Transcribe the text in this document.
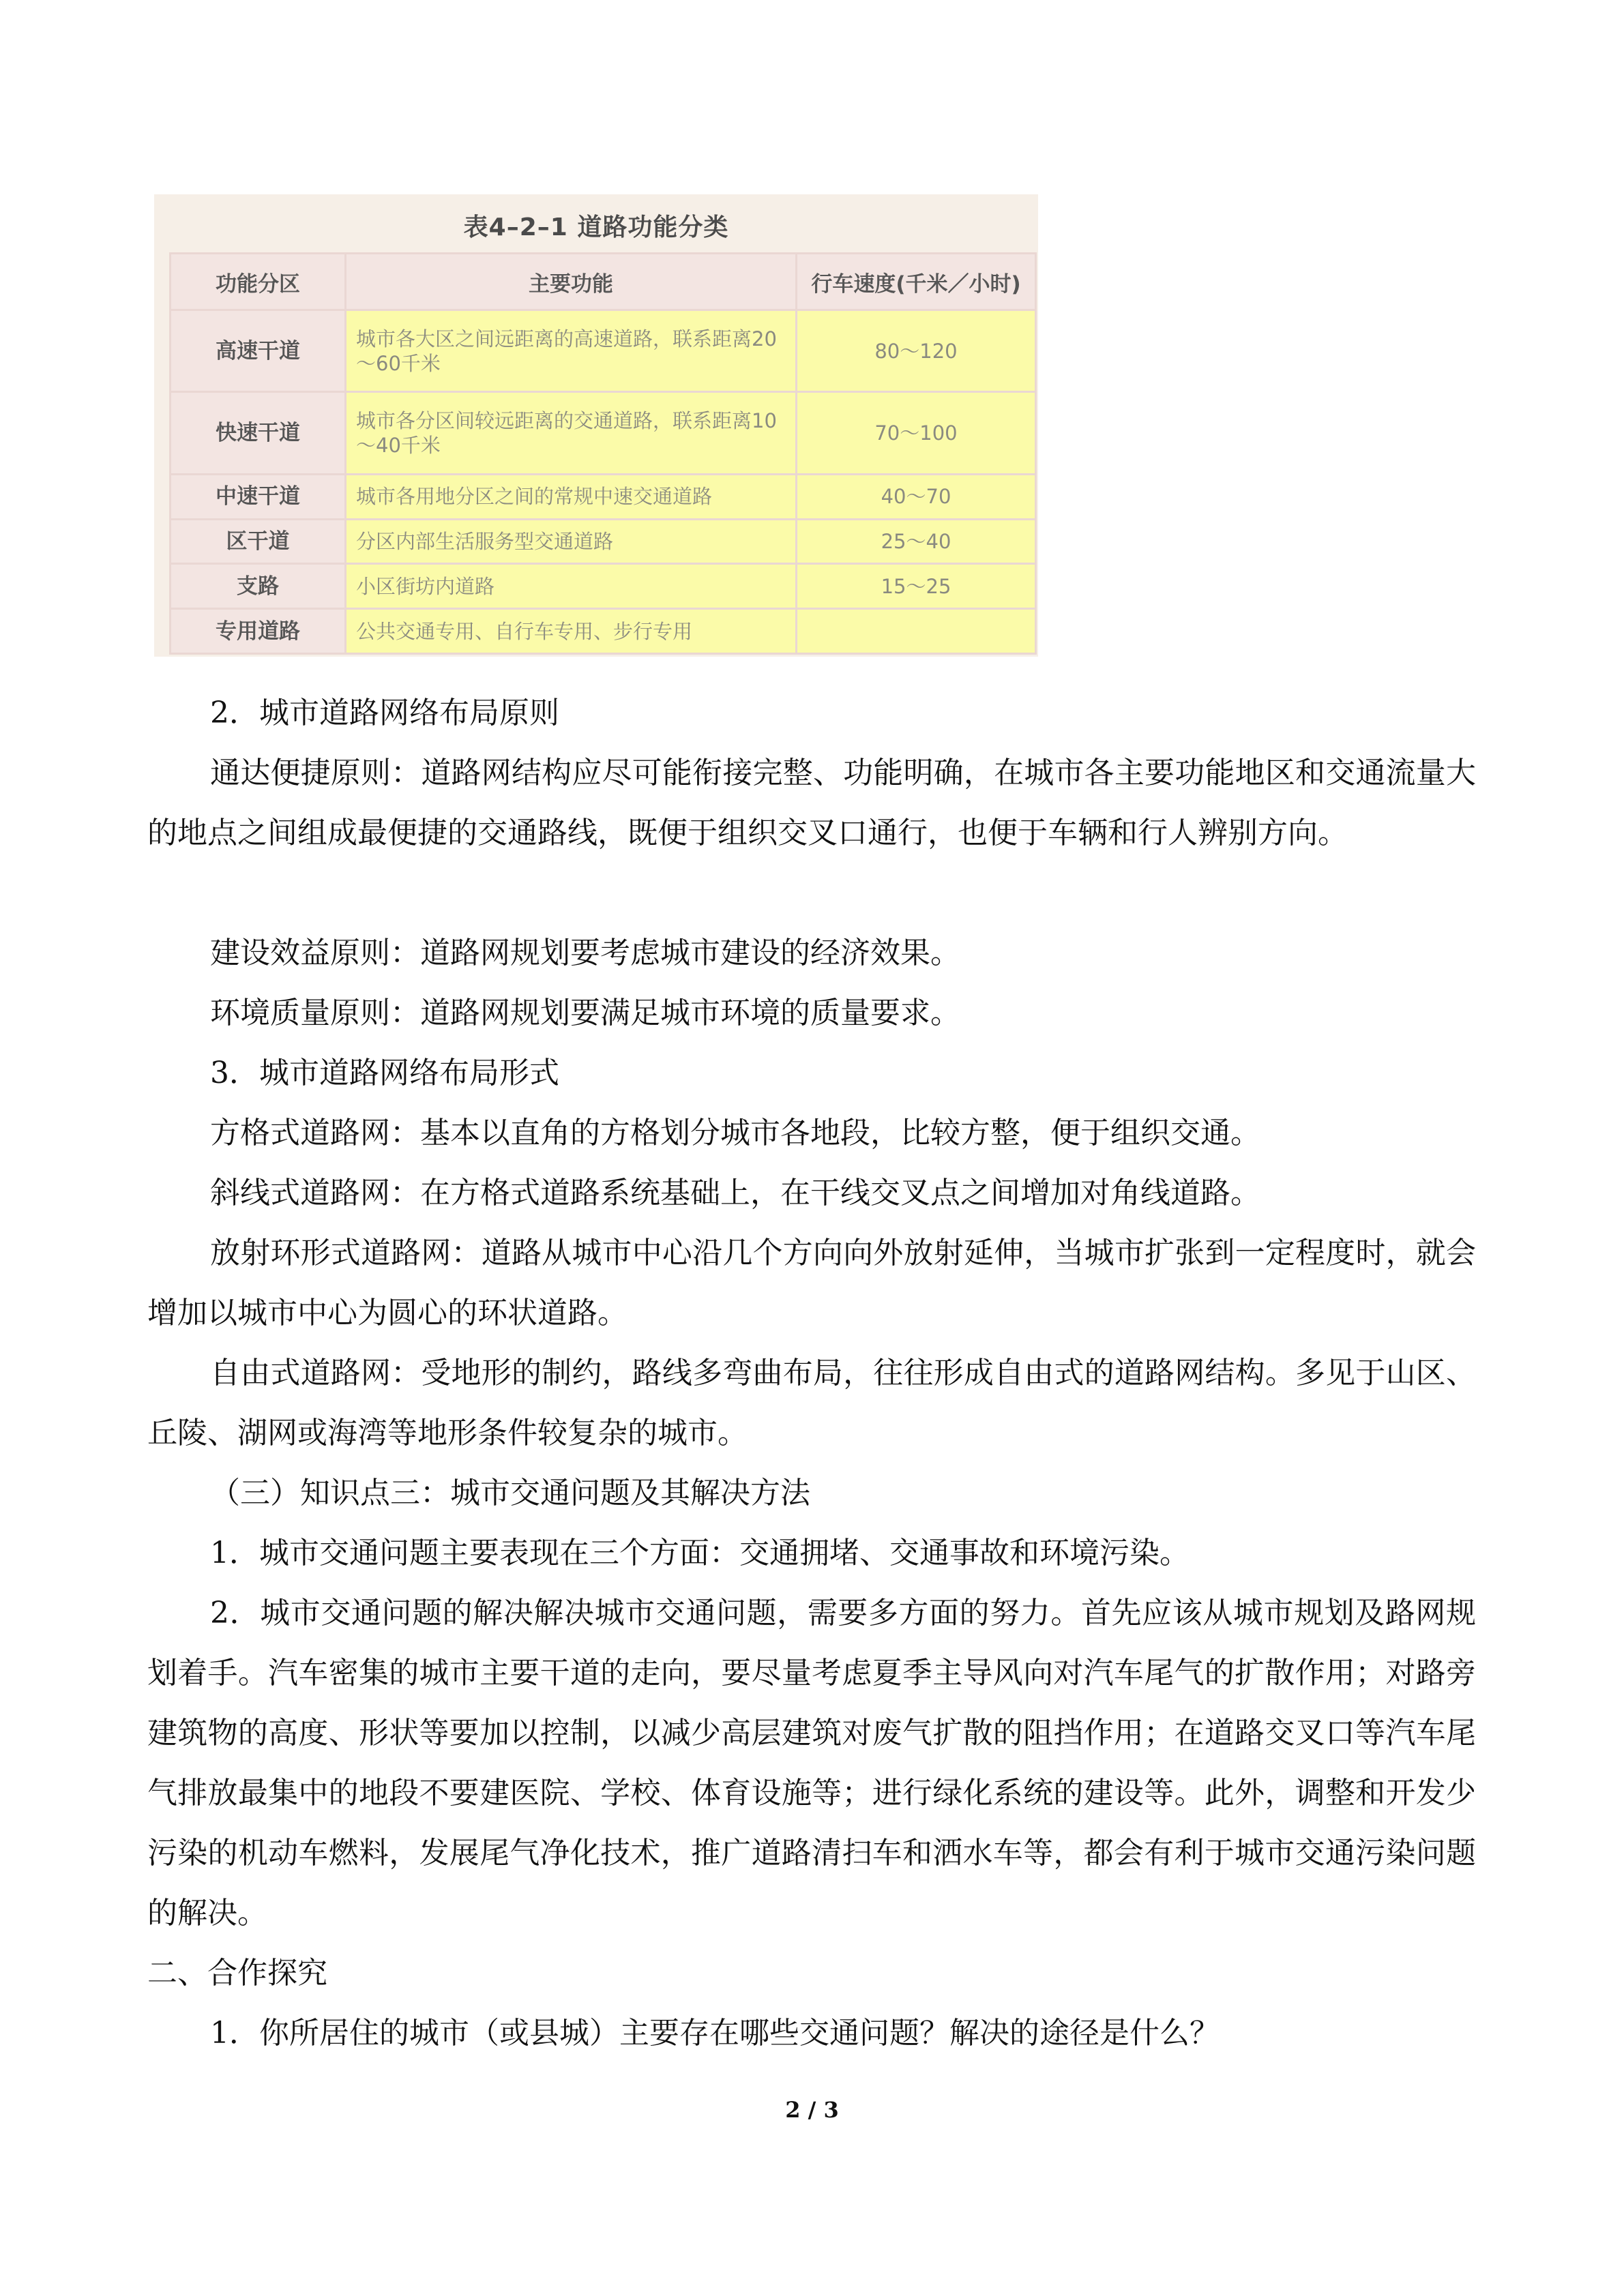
表4–2–1 道路功能分类
功能分区	主要功能	行车速度(千米／小时)
高速干道	城市各大区之间远距离的高速道路，联系距离20～60千米	80～120
快速干道	城市各分区间较远距离的交通道路，联系距离10～40千米	70～100
中速干道	城市各用地分区之间的常规中速交通道路	40～70
区干道	分区内部生活服务型交通道路	25～40
支路	小区街坊内道路	15～25
专用道路	公共交通专用、自行车专用、步行专用	

2．城市道路网络布局原则

通达便捷原则：道路网结构应尽可能衔接完整、功能明确，在城市各主要功能地区和交通流量大的地点之间组成最便捷的交通路线，既便于组织交叉口通行，也便于车辆和行人辨别方向。

建设效益原则：道路网规划要考虑城市建设的经济效果。

环境质量原则：道路网规划要满足城市环境的质量要求。

3．城市道路网络布局形式

方格式道路网：基本以直角的方格划分城市各地段，比较方整，便于组织交通。

斜线式道路网：在方格式道路系统基础上，在干线交叉点之间增加对角线道路。

放射环形式道路网：道路从城市中心沿几个方向向外放射延伸，当城市扩张到一定程度时，就会增加以城市中心为圆心的环状道路。

自由式道路网：受地形的制约，路线多弯曲布局，往往形成自由式的道路网结构。多见于山区、丘陵、湖网或海湾等地形条件较复杂的城市。

（三）知识点三：城市交通问题及其解决方法

1．城市交通问题主要表现在三个方面：交通拥堵、交通事故和环境污染。

2．城市交通问题的解决解决城市交通问题，需要多方面的努力。首先应该从城市规划及路网规划着手。汽车密集的城市主要干道的走向，要尽量考虑夏季主导风向对汽车尾气的扩散作用；对路旁建筑物的高度、形状等要加以控制，以减少高层建筑对废气扩散的阻挡作用；在道路交叉口等汽车尾气排放最集中的地段不要建医院、学校、体育设施等；进行绿化系统的建设等。此外，调整和开发少污染的机动车燃料，发展尾气净化技术，推广道路清扫车和洒水车等，都会有利于城市交通污染问题的解决。

二、合作探究

1．你所居住的城市（或县城）主要存在哪些交通问题？解决的途径是什么？

2 / 3
